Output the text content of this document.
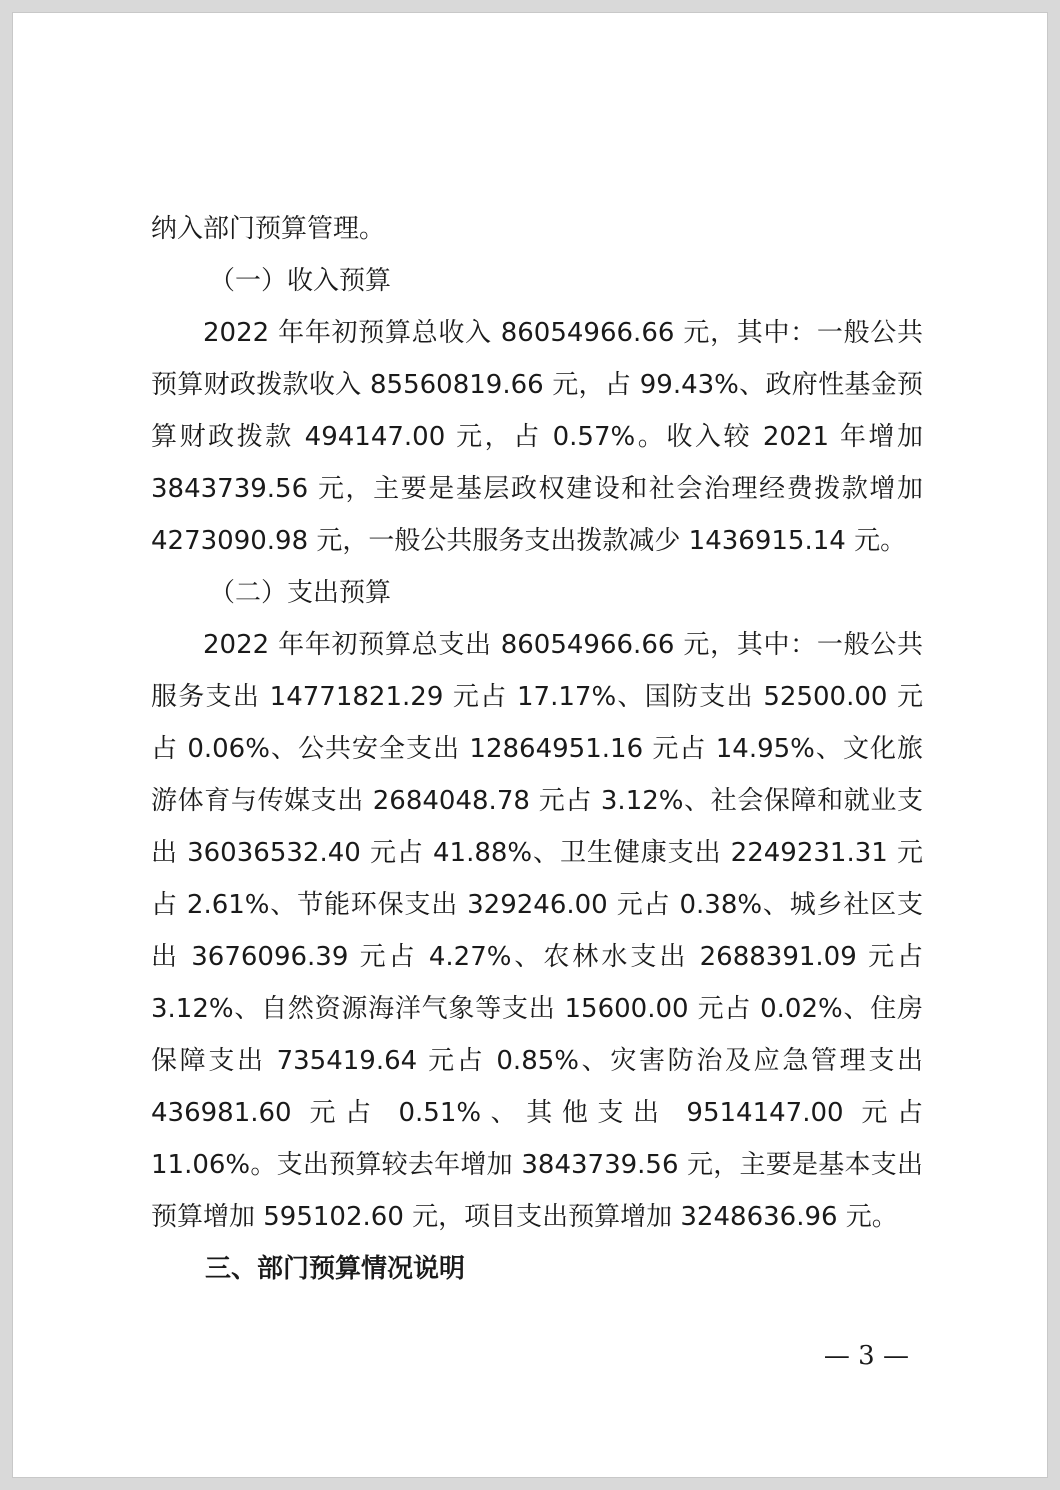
纳入部门预算管理。

（一）收入预算

2022 年年初预算总收入 86054966.66 元，其中：一般公共预算财政拨款收入 85560819.66 元，占 99.43%、政府性基金预算财政拨款 494147.00 元，占 0.57%。收入较 2021 年增加 3843739.56 元，主要是基层政权建设和社会治理经费拨款增加 4273090.98 元，一般公共服务支出拨款减少 1436915.14 元。

（二）支出预算

2022 年年初预算总支出 86054966.66 元，其中：一般公共服务支出 14771821.29 元占 17.17%、国防支出 52500.00 元占 0.06%、公共安全支出 12864951.16 元占 14.95%、文化旅游体育与传媒支出 2684048.78 元占 3.12%、社会保障和就业支出 36036532.40 元占 41.88%、卫生健康支出 2249231.31 元占 2.61%、节能环保支出 329246.00 元占 0.38%、城乡社区支出 3676096.39 元占 4.27%、农林水支出 2688391.09 元占 3.12%、自然资源海洋气象等支出 15600.00 元占 0.02%、住房保障支出 735419.64 元占 0.85%、灾害防治及应急管理支出 436981.60 元占 0.51%、其他支出 9514147.00 元占 11.06%。支出预算较去年增加 3843739.56 元，主要是基本支出预算增加 595102.60 元，项目支出预算增加 3248636.96 元。

三、部门预算情况说明

— 3 —
